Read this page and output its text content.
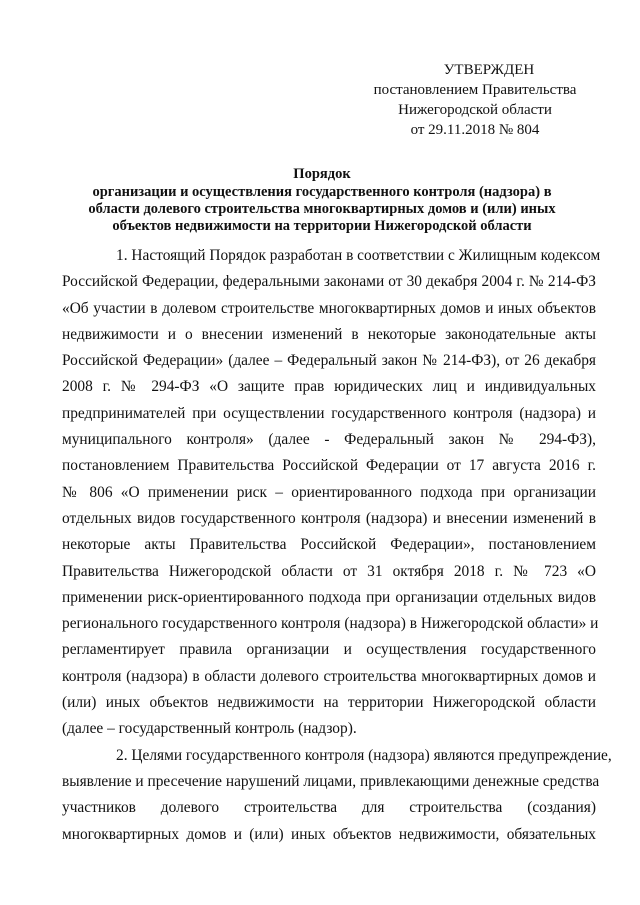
УТВЕРЖДЕН
постановлением Правительства
Нижегородской области
от 29.11.2018 № 804
Порядок
организации и осуществления государственного контроля (надзора) в
области долевого строительства многоквартирных домов и (или) иных
объектов недвижимости на территории Нижегородской области
1. Настоящий Порядок разработан в соответствии с Жилищным кодексом
Российской Федерации, федеральными законами от 30 декабря 2004 г. № 214-ФЗ
«Об участии в долевом строительстве многоквартирных домов и иных объектов
недвижимости и о внесении изменений в некоторые законодательные акты
Российской Федерации» (далее – Федеральный закон № 214-ФЗ), от 26 декабря
2008 г. № 294-ФЗ «О защите прав юридических лиц и индивидуальных
предпринимателей при осуществлении государственного контроля (надзора) и
муниципального контроля» (далее - Федеральный закон № 294-ФЗ),
постановлением Правительства Российской Федерации от 17 августа 2016 г.
№ 806 «О применении риск – ориентированного подхода при организации
отдельных видов государственного контроля (надзора) и внесении изменений в
некоторые акты Правительства Российской Федерации», постановлением
Правительства Нижегородской области от 31 октября 2018 г. № 723 «О
применении риск-ориентированного подхода при организации отдельных видов
регионального государственного контроля (надзора) в Нижегородской области» и
регламентирует правила организации и осуществления государственного
контроля (надзора) в области долевого строительства многоквартирных домов и
(или) иных объектов недвижимости на территории Нижегородской области
(далее – государственный контроль (надзор).
2. Целями государственного контроля (надзора) являются предупреждение,
выявление и пресечение нарушений лицами, привлекающими денежные средства
участников долевого строительства для строительства (создания)
многоквартирных домов и (или) иных объектов недвижимости, обязательных
